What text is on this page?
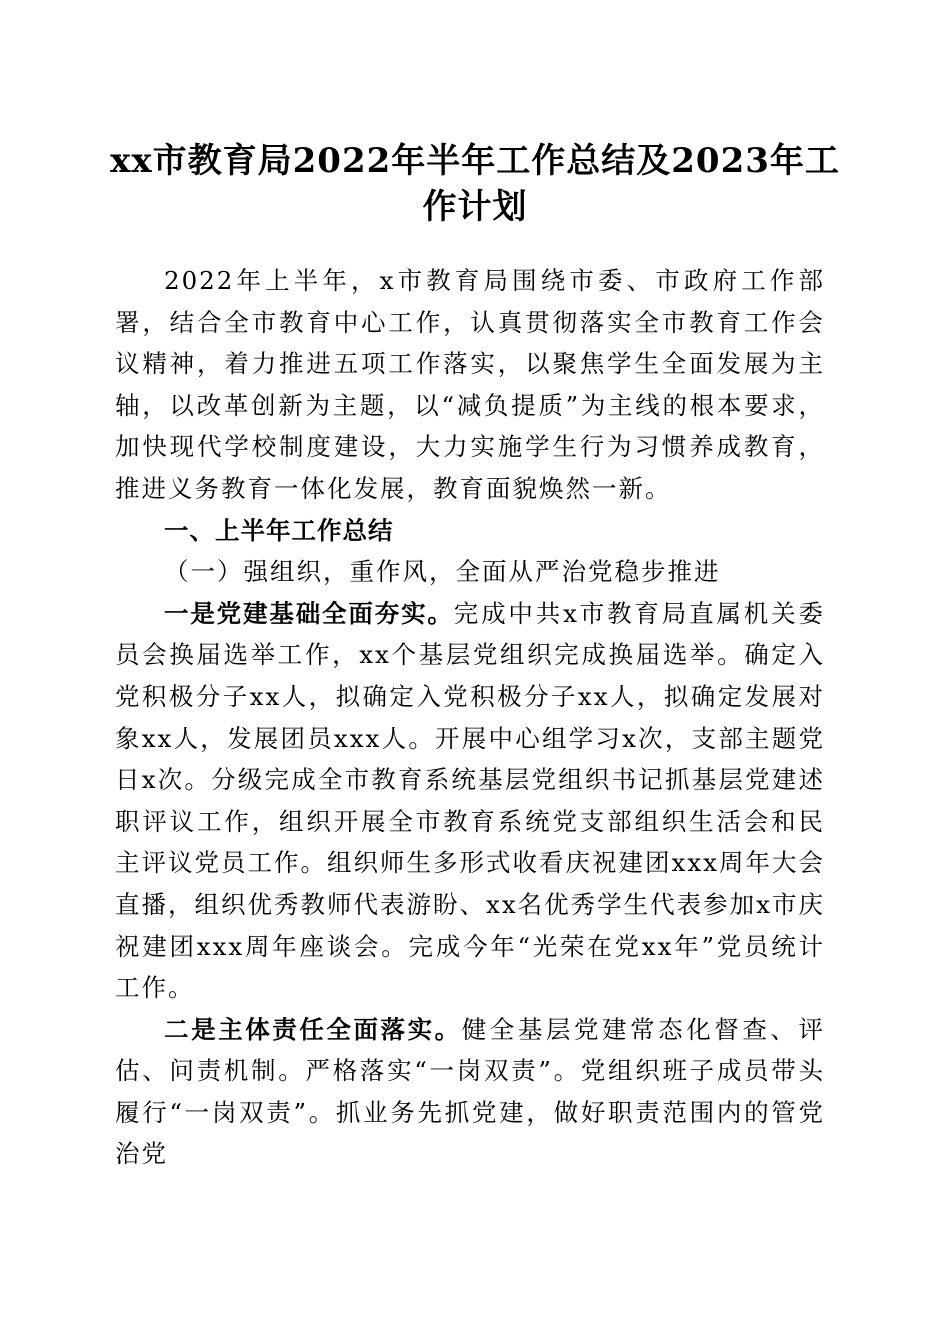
xx市教育局2022年半年工作总结及2023年工作计划

2022年上半年，x市教育局围绕市委、市政府工作部署，结合全市教育中心工作，认真贯彻落实全市教育工作会议精神，着力推进五项工作落实，以聚焦学生全面发展为主轴，以改革创新为主题，以“减负提质”为主线的根本要求，加快现代学校制度建设，大力实施学生行为习惯养成教育，推进义务教育一体化发展，教育面貌焕然一新。

一、上半年工作总结

（一）强组织，重作风，全面从严治党稳步推进

一是党建基础全面夯实。完成中共x市教育局直属机关委员会换届选举工作，xx个基层党组织完成换届选举。确定入党积极分子xx人，拟确定入党积极分子xx人，拟确定发展对象xx人，发展团员xxx人。开展中心组学习x次，支部主题党日x次。分级完成全市教育系统基层党组织书记抓基层党建述职评议工作，组织开展全市教育系统党支部组织生活会和民主评议党员工作。组织师生多形式收看庆祝建团xxx周年大会直播，组织优秀教师代表游盼、xx名优秀学生代表参加x市庆祝建团xxx周年座谈会。完成今年“光荣在党xx年”党员统计工作。

二是主体责任全面落实。健全基层党建常态化督查、评估、问责机制。严格落实“一岗双责”。党组织班子成员带头履行“一岗双责”。抓业务先抓党建，做好职责范围内的管党治党
